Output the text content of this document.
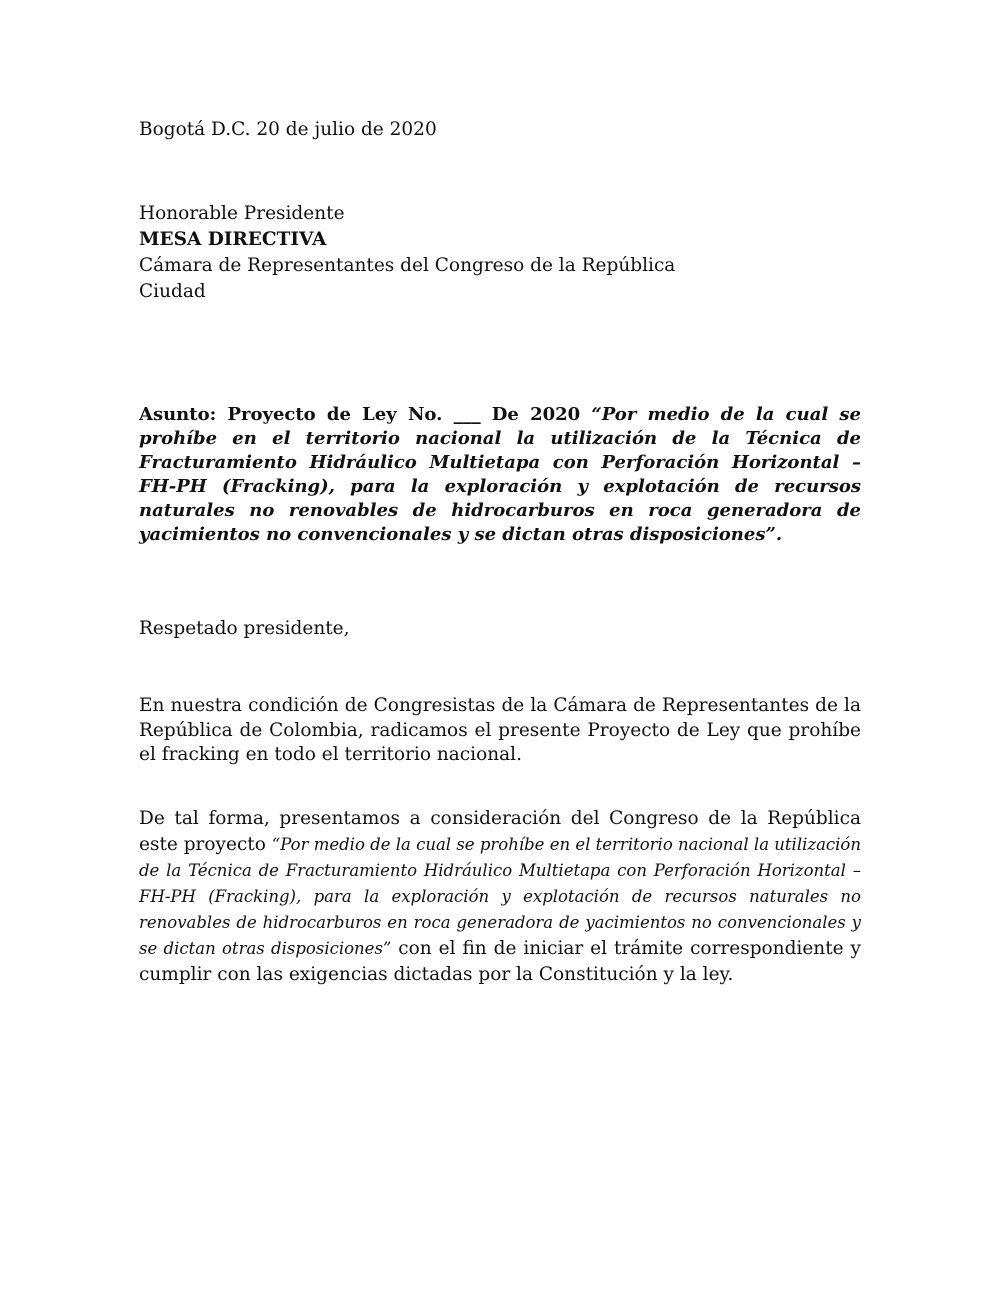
Bogotá D.C. 20 de julio de 2020
Honorable Presidente
MESA DIRECTIVA
Cámara de Representantes del Congreso de la República
Ciudad
Asunto: Proyecto de Ley No. ___ De 2020 “Por medio de la cual se prohíbe en el territorio nacional la utilización de la Técnica de Fracturamiento Hidráulico Multietapa con Perforación Horizontal – FH-PH (Fracking), para la exploración y explotación de recursos naturales no renovables de hidrocarburos en roca generadora de yacimientos no convencionales y se dictan otras disposiciones”.
Respetado presidente,
En nuestra condición de Congresistas de la Cámara de Representantes de la República de Colombia, radicamos el presente Proyecto de Ley que prohíbe el fracking en todo el territorio nacional.
De tal forma, presentamos a consideración del Congreso de la República este proyecto “Por medio de la cual se prohíbe en el territorio nacional la utilización de la Técnica de Fracturamiento Hidráulico Multietapa con Perforación Horizontal – FH-PH (Fracking), para la exploración y explotación de recursos naturales no renovables de hidrocarburos en roca generadora de yacimientos no convencionales y se dictan otras disposiciones” con el fin de iniciar el trámite correspondiente y cumplir con las exigencias dictadas por la Constitución y la ley.
